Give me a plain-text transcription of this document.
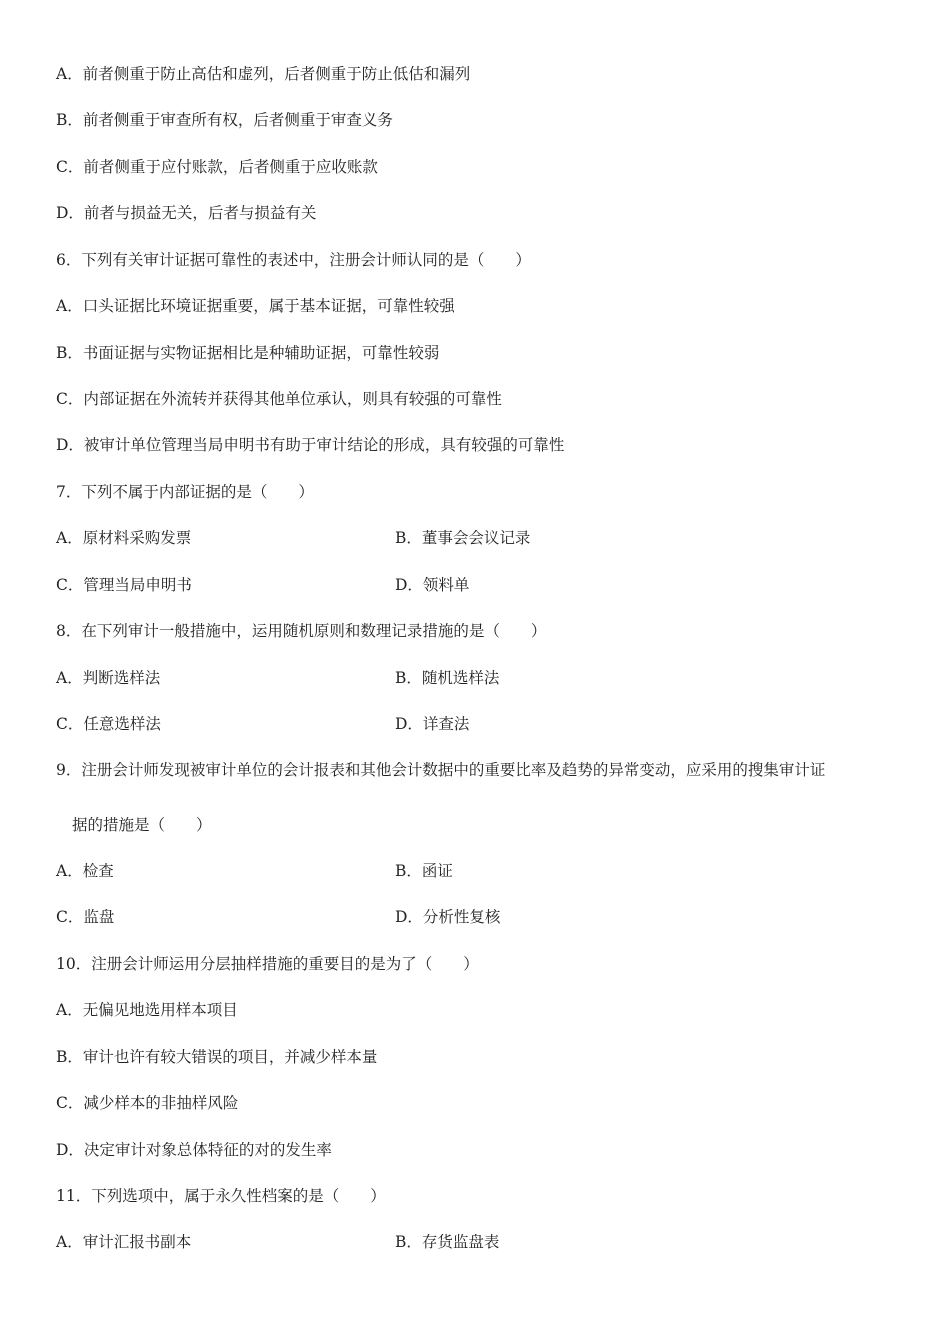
A．前者侧重于防止高估和虚列，后者侧重于防止低估和漏列
B．前者侧重于审查所有权，后者侧重于审查义务
C．前者侧重于应付账款，后者侧重于应收账款
D．前者与损益无关，后者与损益有关
6．下列有关审计证据可靠性的表述中，注册会计师认同的是（　　）
A．口头证据比环境证据重要，属于基本证据，可靠性较强
B．书面证据与实物证据相比是种辅助证据，可靠性较弱
C．内部证据在外流转并获得其他单位承认，则具有较强的可靠性
D．被审计单位管理当局申明书有助于审计结论的形成，具有较强的可靠性
7．下列不属于内部证据的是（　　）
A．原材料采购发票	B．董事会会议记录
C．管理当局申明书	D．领料单
8．在下列审计一般措施中，运用随机原则和数理记录措施的是（　　）
A．判断选样法	B．随机选样法
C．任意选样法	D．详查法
9．注册会计师发现被审计单位的会计报表和其他会计数据中的重要比率及趋势的异常变动，应采用的搜集审计证
据的措施是（　　）
A．检查	B．函证
C．监盘	D．分析性复核
10．注册会计师运用分层抽样措施的重要目的是为了（　　）
A．无偏见地选用样本项目
B．审计也许有较大错误的项目，并减少样本量
C．减少样本的非抽样风险
D．决定审计对象总体特征的对的发生率
11．下列选项中，属于永久性档案的是（　　）
A．审计汇报书副本	B．存货监盘表
